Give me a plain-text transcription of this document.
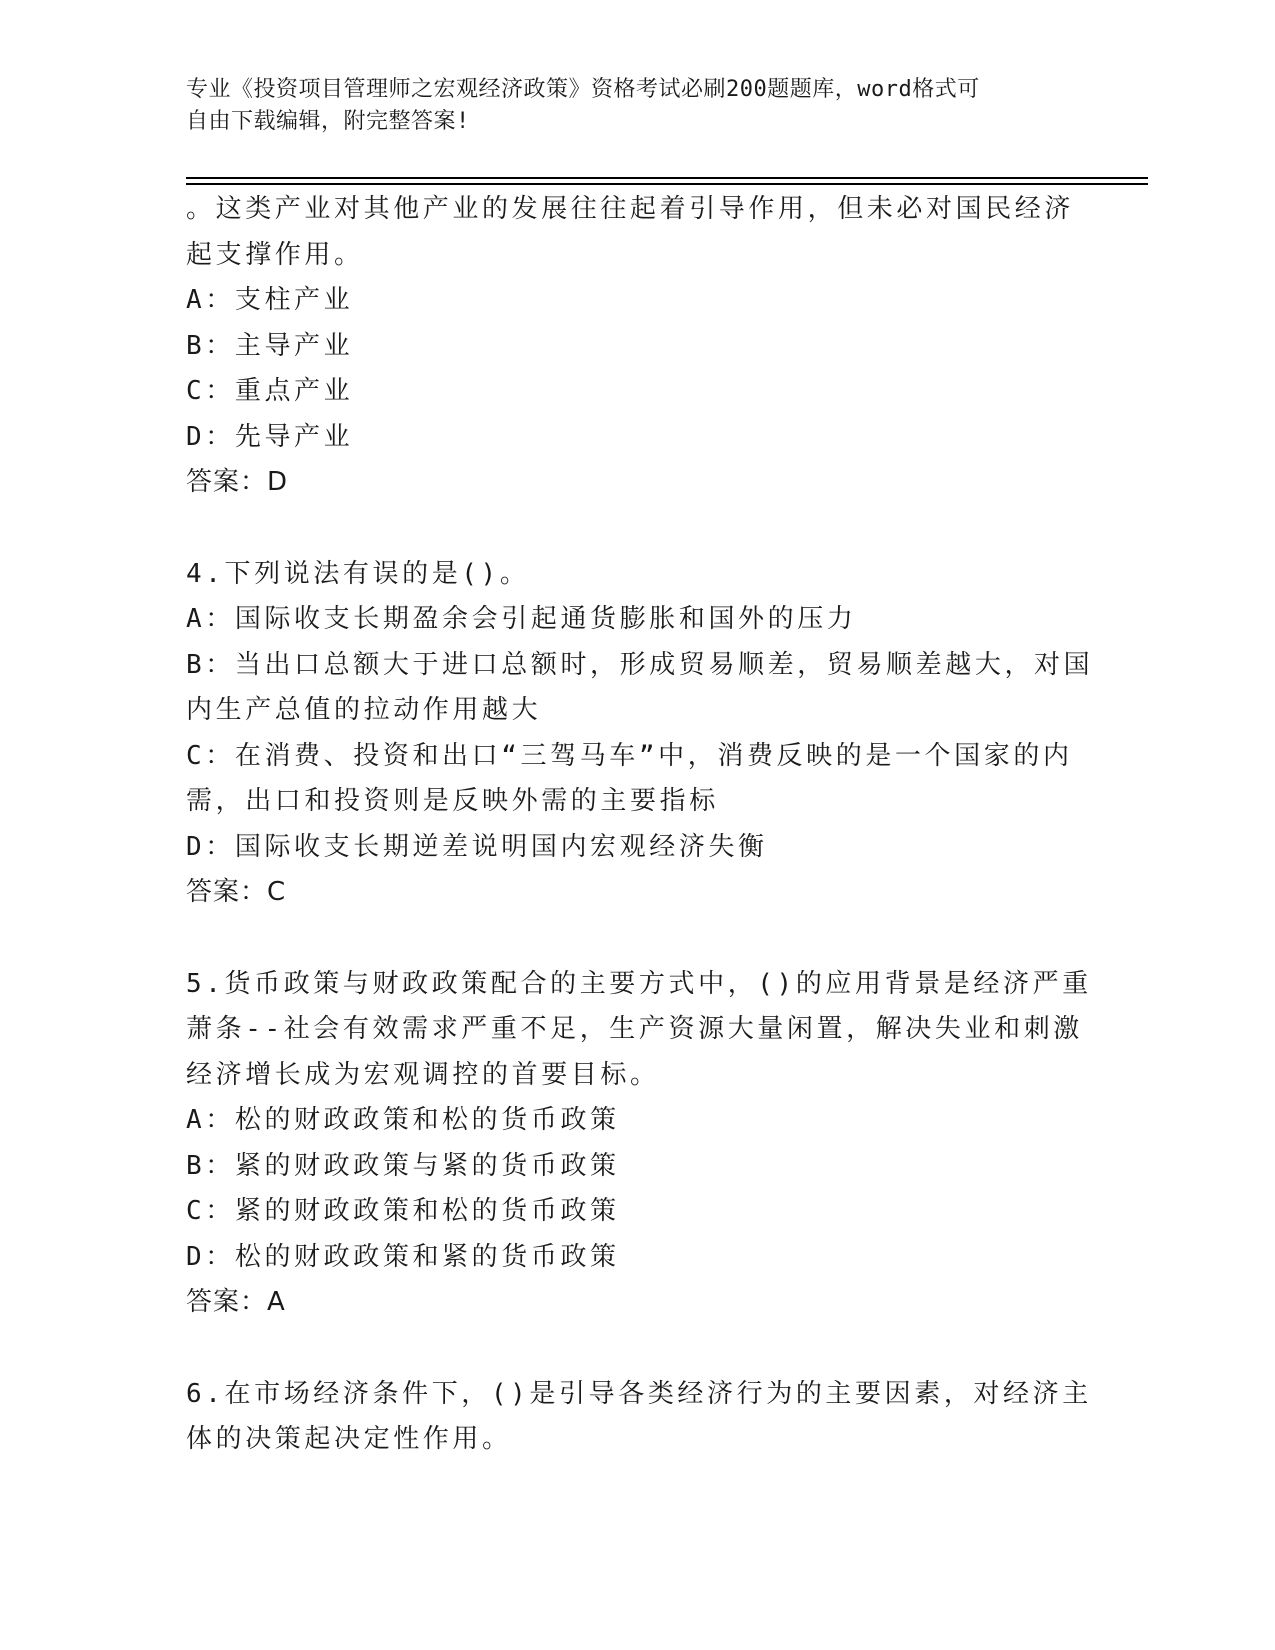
专业《投资项目管理师之宏观经济政策》资格考试必刷200题题库，word格式可
自由下载编辑，附完整答案!
。这类产业对其他产业的发展往往起着引导作用，但未必对国民经济
起支撑作用。
A：支柱产业
B：主导产业
C：重点产业
D：先导产业
答案：D
4.下列说法有误的是()。
A：国际收支长期盈余会引起通货膨胀和国外的压力
B：当出口总额大于进口总额时，形成贸易顺差，贸易顺差越大，对国
内生产总值的拉动作用越大
C：在消费、投资和出口“三驾马车”中，消费反映的是一个国家的内
需，出口和投资则是反映外需的主要指标
D：国际收支长期逆差说明国内宏观经济失衡
答案：C
5.货币政策与财政政策配合的主要方式中，()的应用背景是经济严重
萧条--社会有效需求严重不足，生产资源大量闲置，解决失业和刺激
经济增长成为宏观调控的首要目标。
A：松的财政政策和松的货币政策
B：紧的财政政策与紧的货币政策
C：紧的财政政策和松的货币政策
D：松的财政政策和紧的货币政策
答案：A
6.在市场经济条件下，()是引导各类经济行为的主要因素，对经济主
体的决策起决定性作用。
